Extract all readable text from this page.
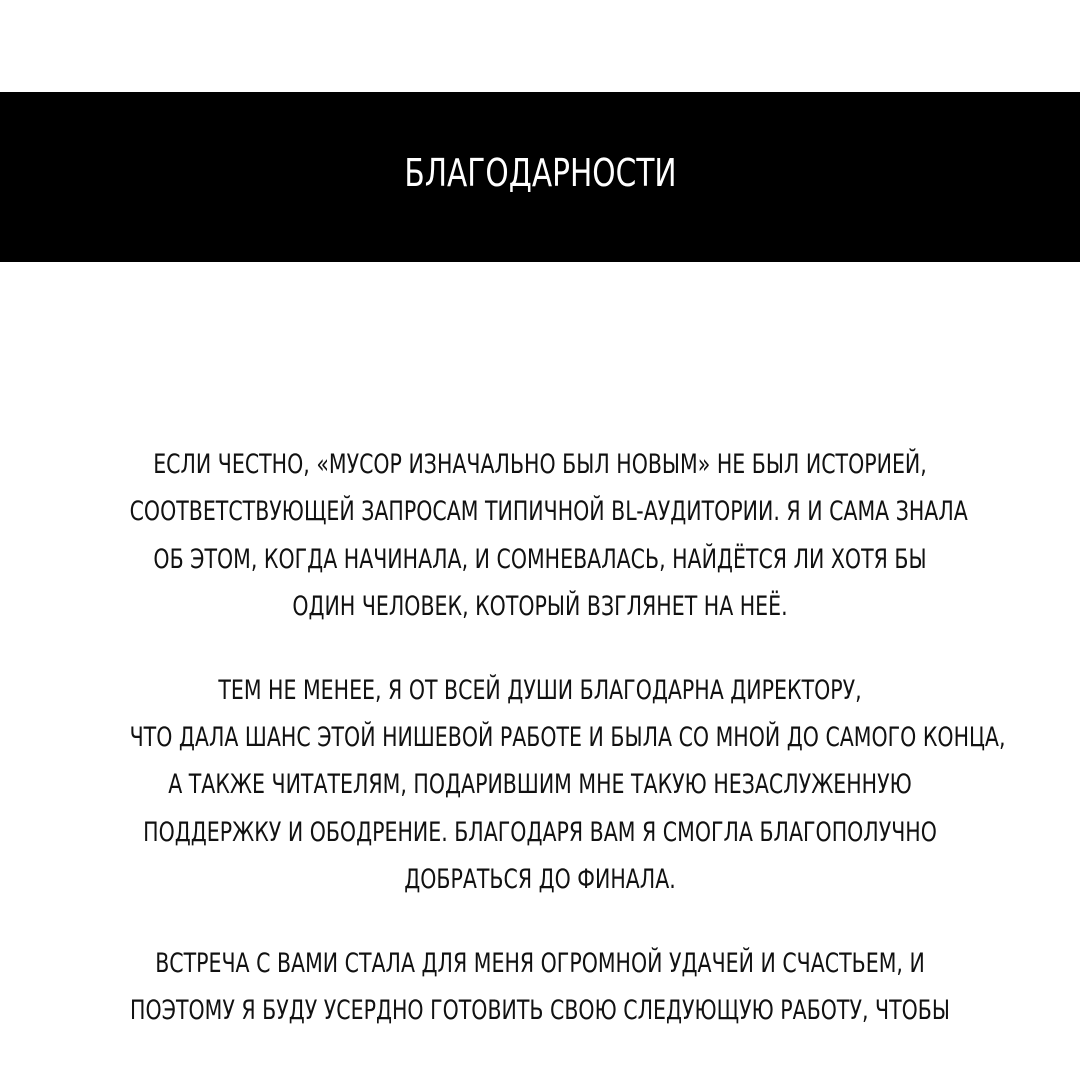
БЛАГОДАРНОСТИ
ЕСЛИ ЧЕСТНО, «МУСОР ИЗНАЧАЛЬНО БЫЛ НОВЫМ» НЕ БЫЛ ИСТОРИЕЙ,
СООТВЕТСТВУЮЩЕЙ ЗАПРОСАМ ТИПИЧНОЙ BL-АУДИТОРИИ. Я И САМА ЗНАЛА
ОБ ЭТОМ, КОГДА НАЧИНАЛА, И СОМНЕВАЛАСЬ, НАЙДЁТСЯ ЛИ ХОТЯ БЫ
ОДИН ЧЕЛОВЕК, КОТОРЫЙ ВЗГЛЯНЕТ НА НЕЁ.
ТЕМ НЕ МЕНЕЕ, Я ОТ ВСЕЙ ДУШИ БЛАГОДАРНА ДИРЕКТОРУ,
ЧТО ДАЛА ШАНС ЭТОЙ НИШЕВОЙ РАБОТЕ И БЫЛА СО МНОЙ ДО САМОГО КОНЦА,
А ТАКЖЕ ЧИТАТЕЛЯМ, ПОДАРИВШИМ МНЕ ТАКУЮ НЕЗАСЛУЖЕННУЮ
ПОДДЕРЖКУ И ОБОДРЕНИЕ. БЛАГОДАРЯ ВАМ Я СМОГЛА БЛАГОПОЛУЧНО
ДОБРАТЬСЯ ДО ФИНАЛА.
ВСТРЕЧА С ВАМИ СТАЛА ДЛЯ МЕНЯ ОГРОМНОЙ УДАЧЕЙ И СЧАСТЬЕМ, И
ПОЭТОМУ Я БУДУ УСЕРДНО ГОТОВИТЬ СВОЮ СЛЕДУЮЩУЮ РАБОТУ, ЧТОБЫ
